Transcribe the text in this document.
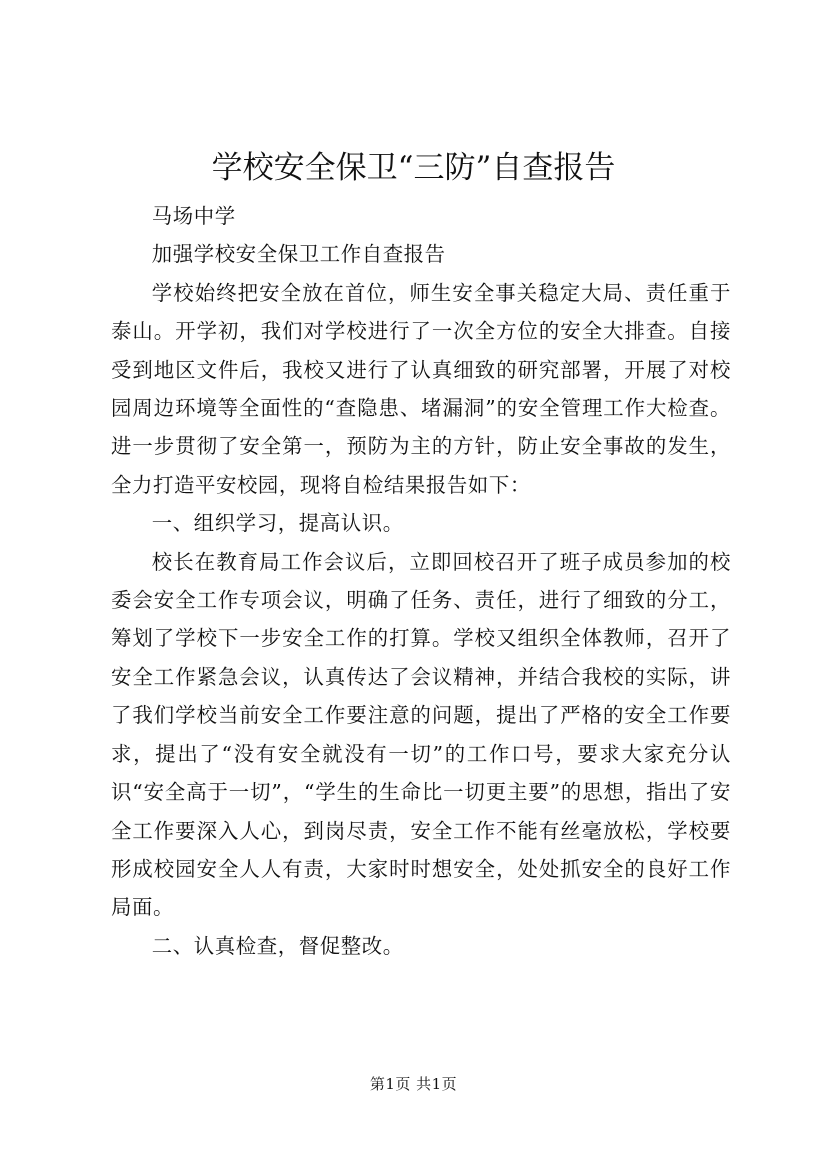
学校安全保卫“三防”自查报告

马场中学

加强学校安全保卫工作自查报告

学校始终把安全放在首位，师生安全事关稳定大局、责任重于泰山。开学初，我们对学校进行了一次全方位的安全大排查。自接受到地区文件后，我校又进行了认真细致的研究部署，开展了对校园周边环境等全面性的“查隐患、堵漏洞”的安全管理工作大检查。进一步贯彻了安全第一，预防为主的方针，防止安全事故的发生，全力打造平安校园，现将自检结果报告如下：

一、组织学习，提高认识。

校长在教育局工作会议后，立即回校召开了班子成员参加的校委会安全工作专项会议，明确了任务、责任，进行了细致的分工，筹划了学校下一步安全工作的打算。学校又组织全体教师，召开了安全工作紧急会议，认真传达了会议精神，并结合我校的实际，讲了我们学校当前安全工作要注意的问题，提出了严格的安全工作要求，提出了“没有安全就没有一切”的工作口号，要求大家充分认识“安全高于一切”，“学生的生命比一切更主要”的思想，指出了安全工作要深入人心，到岗尽责，安全工作不能有丝毫放松，学校要形成校园安全人人有责，大家时时想安全，处处抓安全的良好工作局面。

二、认真检查，督促整改。

第1页 共1页
